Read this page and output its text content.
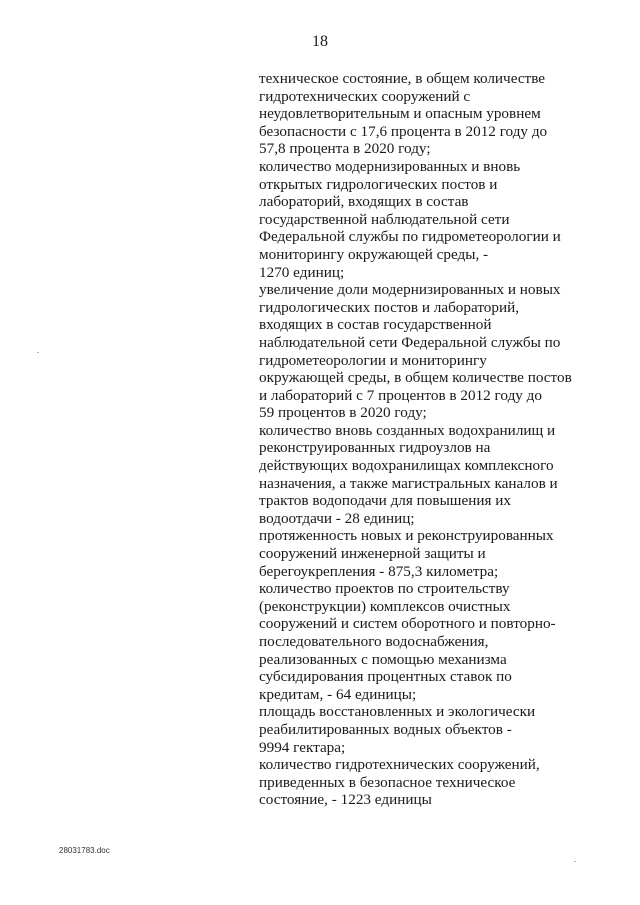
18
техническое состояние, в общем количестве
гидротехнических сооружений с
неудовлетворительным и опасным уровнем
безопасности с 17,6 процента в 2012 году до
57,8 процента в 2020 году;
количество модернизированных и вновь
открытых гидрологических постов и
лабораторий, входящих в состав
государственной наблюдательной сети
Федеральной службы по гидрометеорологии и
мониторингу окружающей среды, -
1270 единиц;
увеличение доли модернизированных и новых
гидрологических постов и лабораторий,
входящих в состав государственной
наблюдательной сети Федеральной службы по
гидрометеорологии и мониторингу
окружающей среды, в общем количестве постов
и лабораторий с 7 процентов в 2012 году до
59 процентов в 2020 году;
количество вновь созданных водохранилищ и
реконструированных гидроузлов на
действующих водохранилищах комплексного
назначения, а также магистральных каналов и
трактов водоподачи для повышения их
водоотдачи - 28 единиц;
протяженность новых и реконструированных
сооружений инженерной защиты и
берегоукрепления - 875,3 километра;
количество проектов по строительству
(реконструкции) комплексов очистных
сооружений и систем оборотного и повторно-
последовательного водоснабжения,
реализованных с помощью механизма
субсидирования процентных ставок по
кредитам, - 64 единицы;
площадь восстановленных и экологически
реабилитированных водных объектов -
9994 гектара;
количество гидротехнических сооружений,
приведенных в безопасное техническое
состояние, - 1223 единицы
28031783.doc
